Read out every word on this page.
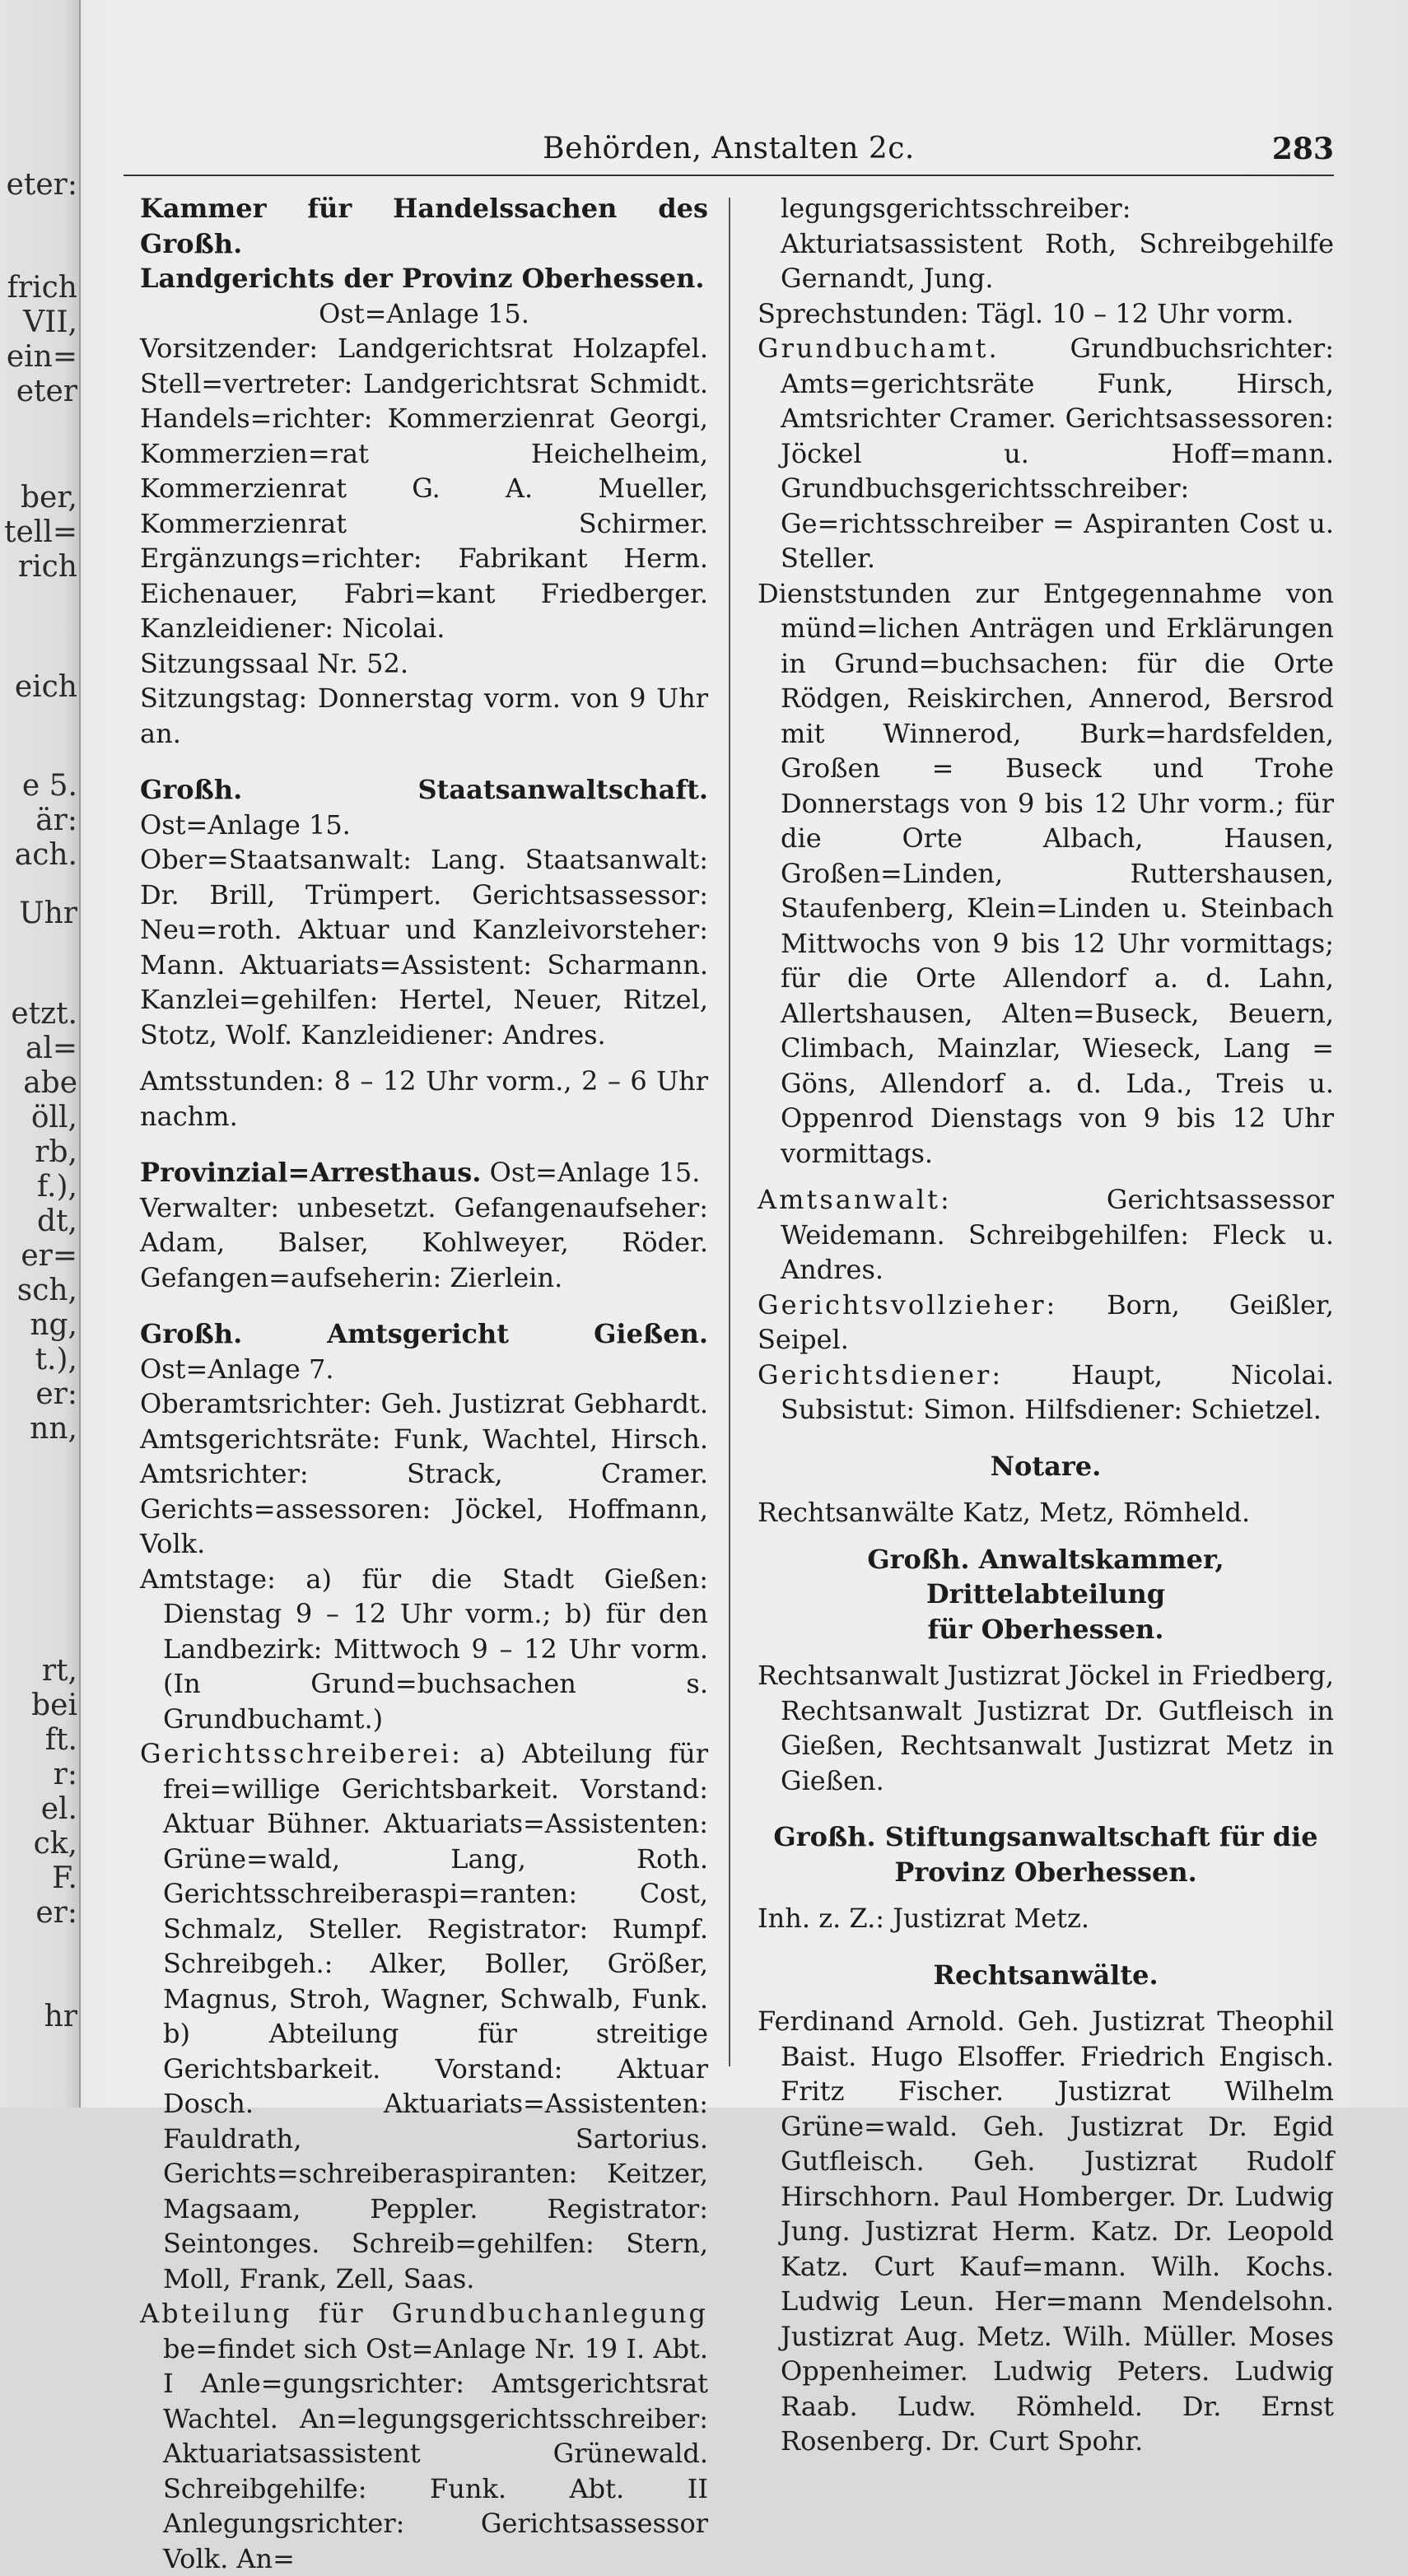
eter:
frich
VII,
ein=
eter
ber,
tell=
rich
eich
e 5.
är:
ach.
Uhr
etzt.
al=
abe
öll,
rb,
f.),
dt,
er=
sch,
ng,
t.),
er:
nn,
rt,
bei
ft.
r:
el.
ck,
F.
er:
hr
Behörden, Anstalten 2c.	283

Kammer für Handelssachen des Großh.

Landgerichts der Provinz Oberhessen.

Ost=Anlage 15.

Vorsitzender: Landgerichtsrat Holzapfel. Stell=vertreter: Landgerichtsrat Schmidt. Handels=richter: Kommerzienrat Georgi, Kommerzien=rat Heichelheim, Kommerzienrat G. A. Mueller, Kommerzienrat Schirmer. Ergänzungs=richter: Fabrikant Herm. Eichenauer, Fabri=kant Friedberger. Kanzleidiener: Nicolai.

Sitzungssaal Nr. 52.

Sitzungstag: Donnerstag vorm. von 9 Uhr an.

Großh. Staatsanwaltschaft. Ost=Anlage 15.

Ober=Staatsanwalt: Lang. Staatsanwalt: Dr. Brill, Trümpert. Gerichtsassessor: Neu=roth. Aktuar und Kanzleivorsteher: Mann. Aktuariats=Assistent: Scharmann. Kanzlei=gehilfen: Hertel, Neuer, Ritzel, Stotz, Wolf. Kanzleidiener: Andres.

Amtsstunden: 8 – 12 Uhr vorm., 2 – 6 Uhr nachm.

Provinzial=Arresthaus. Ost=Anlage 15.

Verwalter: unbesetzt. Gefangenaufseher: Adam, Balser, Kohlweyer, Röder. Gefangen=aufseherin: Zierlein.

Großh. Amtsgericht Gießen. Ost=Anlage 7.

Oberamtsrichter: Geh. Justizrat Gebhardt. Amtsgerichtsräte: Funk, Wachtel, Hirsch. Amtsrichter: Strack, Cramer. Gerichts=assessoren: Jöckel, Hoffmann, Volk.

Amtstage: a) für die Stadt Gießen: Dienstag 9 – 12 Uhr vorm.; b) für den Landbezirk: Mittwoch 9 – 12 Uhr vorm. (In Grund=buchsachen s. Grundbuchamt.)

Gerichtsschreiberei: a) Abteilung für frei=willige Gerichtsbarkeit. Vorstand: Aktuar Bühner. Aktuariats=Assistenten: Grüne=wald, Lang, Roth. Gerichtsschreiberaspi=ranten: Cost, Schmalz, Steller. Registrator: Rumpf. Schreibgeh.: Alker, Boller, Größer, Magnus, Stroh, Wagner, Schwalb, Funk. b) Abteilung für streitige Gerichtsbarkeit. Vorstand: Aktuar Dosch. Aktuariats=Assistenten: Fauldrath, Sartorius. Gerichts=schreiberaspiranten: Keitzer, Magsaam, Peppler. Registrator: Seintonges. Schreib=gehilfen: Stern, Moll, Frank, Zell, Saas.

Abteilung für Grundbuchanlegung be=findet sich Ost=Anlage Nr. 19 I. Abt. I Anle=gungsrichter: Amtsgerichtsrat Wachtel. An=legungsgerichtsschreiber: Aktuariatsassistent Grünewald. Schreibgehilfe: Funk. Abt. II Anlegungsrichter: Gerichtsassessor Volk. An=

legungsgerichtsschreiber: Akturiatsassistent Roth, Schreibgehilfe Gernandt, Jung.

Sprechstunden: Tägl. 10 – 12 Uhr vorm.

Grundbuchamt.	Grundbuchsrichter: Amts=gerichtsräte Funk, Hirsch, Amtsrichter Cramer. Gerichtsassessoren: Jöckel u. Hoff=mann. Grundbuchsgerichtsschreiber: Ge=richtsschreiber = Aspiranten Cost u. Steller.

Dienststunden zur Entgegennahme von münd=lichen Anträgen und Erklärungen in Grund=buchsachen: für die Orte Rödgen, Reiskirchen, Annerod, Bersrod mit Winnerod, Burk=hardsfelden, Großen = Buseck und Trohe Donnerstags von 9 bis 12 Uhr vorm.; für die Orte Albach, Hausen, Großen=Linden, Ruttershausen, Staufenberg, Klein=Linden u. Steinbach Mittwochs von 9 bis 12 Uhr vormittags; für die Orte Allendorf a. d. Lahn, Allertshausen, Alten=Buseck, Beuern, Climbach, Mainzlar, Wieseck, Lang = Göns, Allendorf a. d. Lda., Treis u. Oppenrod Dienstags von 9 bis 12 Uhr vormittags.

Amtsanwalt:	Gerichtsassessor Weidemann. Schreibgehilfen: Fleck u. Andres.

Gerichtsvollzieher: Born, Geißler, Seipel.

Gerichtsdiener:	Haupt, Nicolai. Subsistut: Simon. Hilfsdiener: Schietzel.

Notare.

Rechtsanwälte Katz, Metz, Römheld.

Großh. Anwaltskammer, Drittelabteilung

für Oberhessen.

Rechtsanwalt Justizrat Jöckel in Friedberg, Rechtsanwalt Justizrat Dr. Gutfleisch in Gießen, Rechtsanwalt Justizrat Metz in Gießen.

Großh. Stiftungsanwaltschaft für die

Provinz Oberhessen.

Inh. z. Z.: Justizrat Metz.

Rechtsanwälte.

Ferdinand Arnold. Geh. Justizrat Theophil Baist. Hugo Elsoffer. Friedrich Engisch. Fritz Fischer. Justizrat Wilhelm Grüne=wald. Geh. Justizrat Dr. Egid Gutfleisch. Geh. Justizrat Rudolf Hirschhorn. Paul Homberger. Dr. Ludwig Jung. Justizrat Herm. Katz. Dr. Leopold Katz. Curt Kauf=mann. Wilh. Kochs. Ludwig Leun. Her=mann Mendelsohn. Justizrat Aug. Metz. Wilh. Müller. Moses Oppenheimer. Ludwig Peters. Ludwig Raab. Ludw. Römheld. Dr. Ernst Rosenberg. Dr. Curt Spohr.
